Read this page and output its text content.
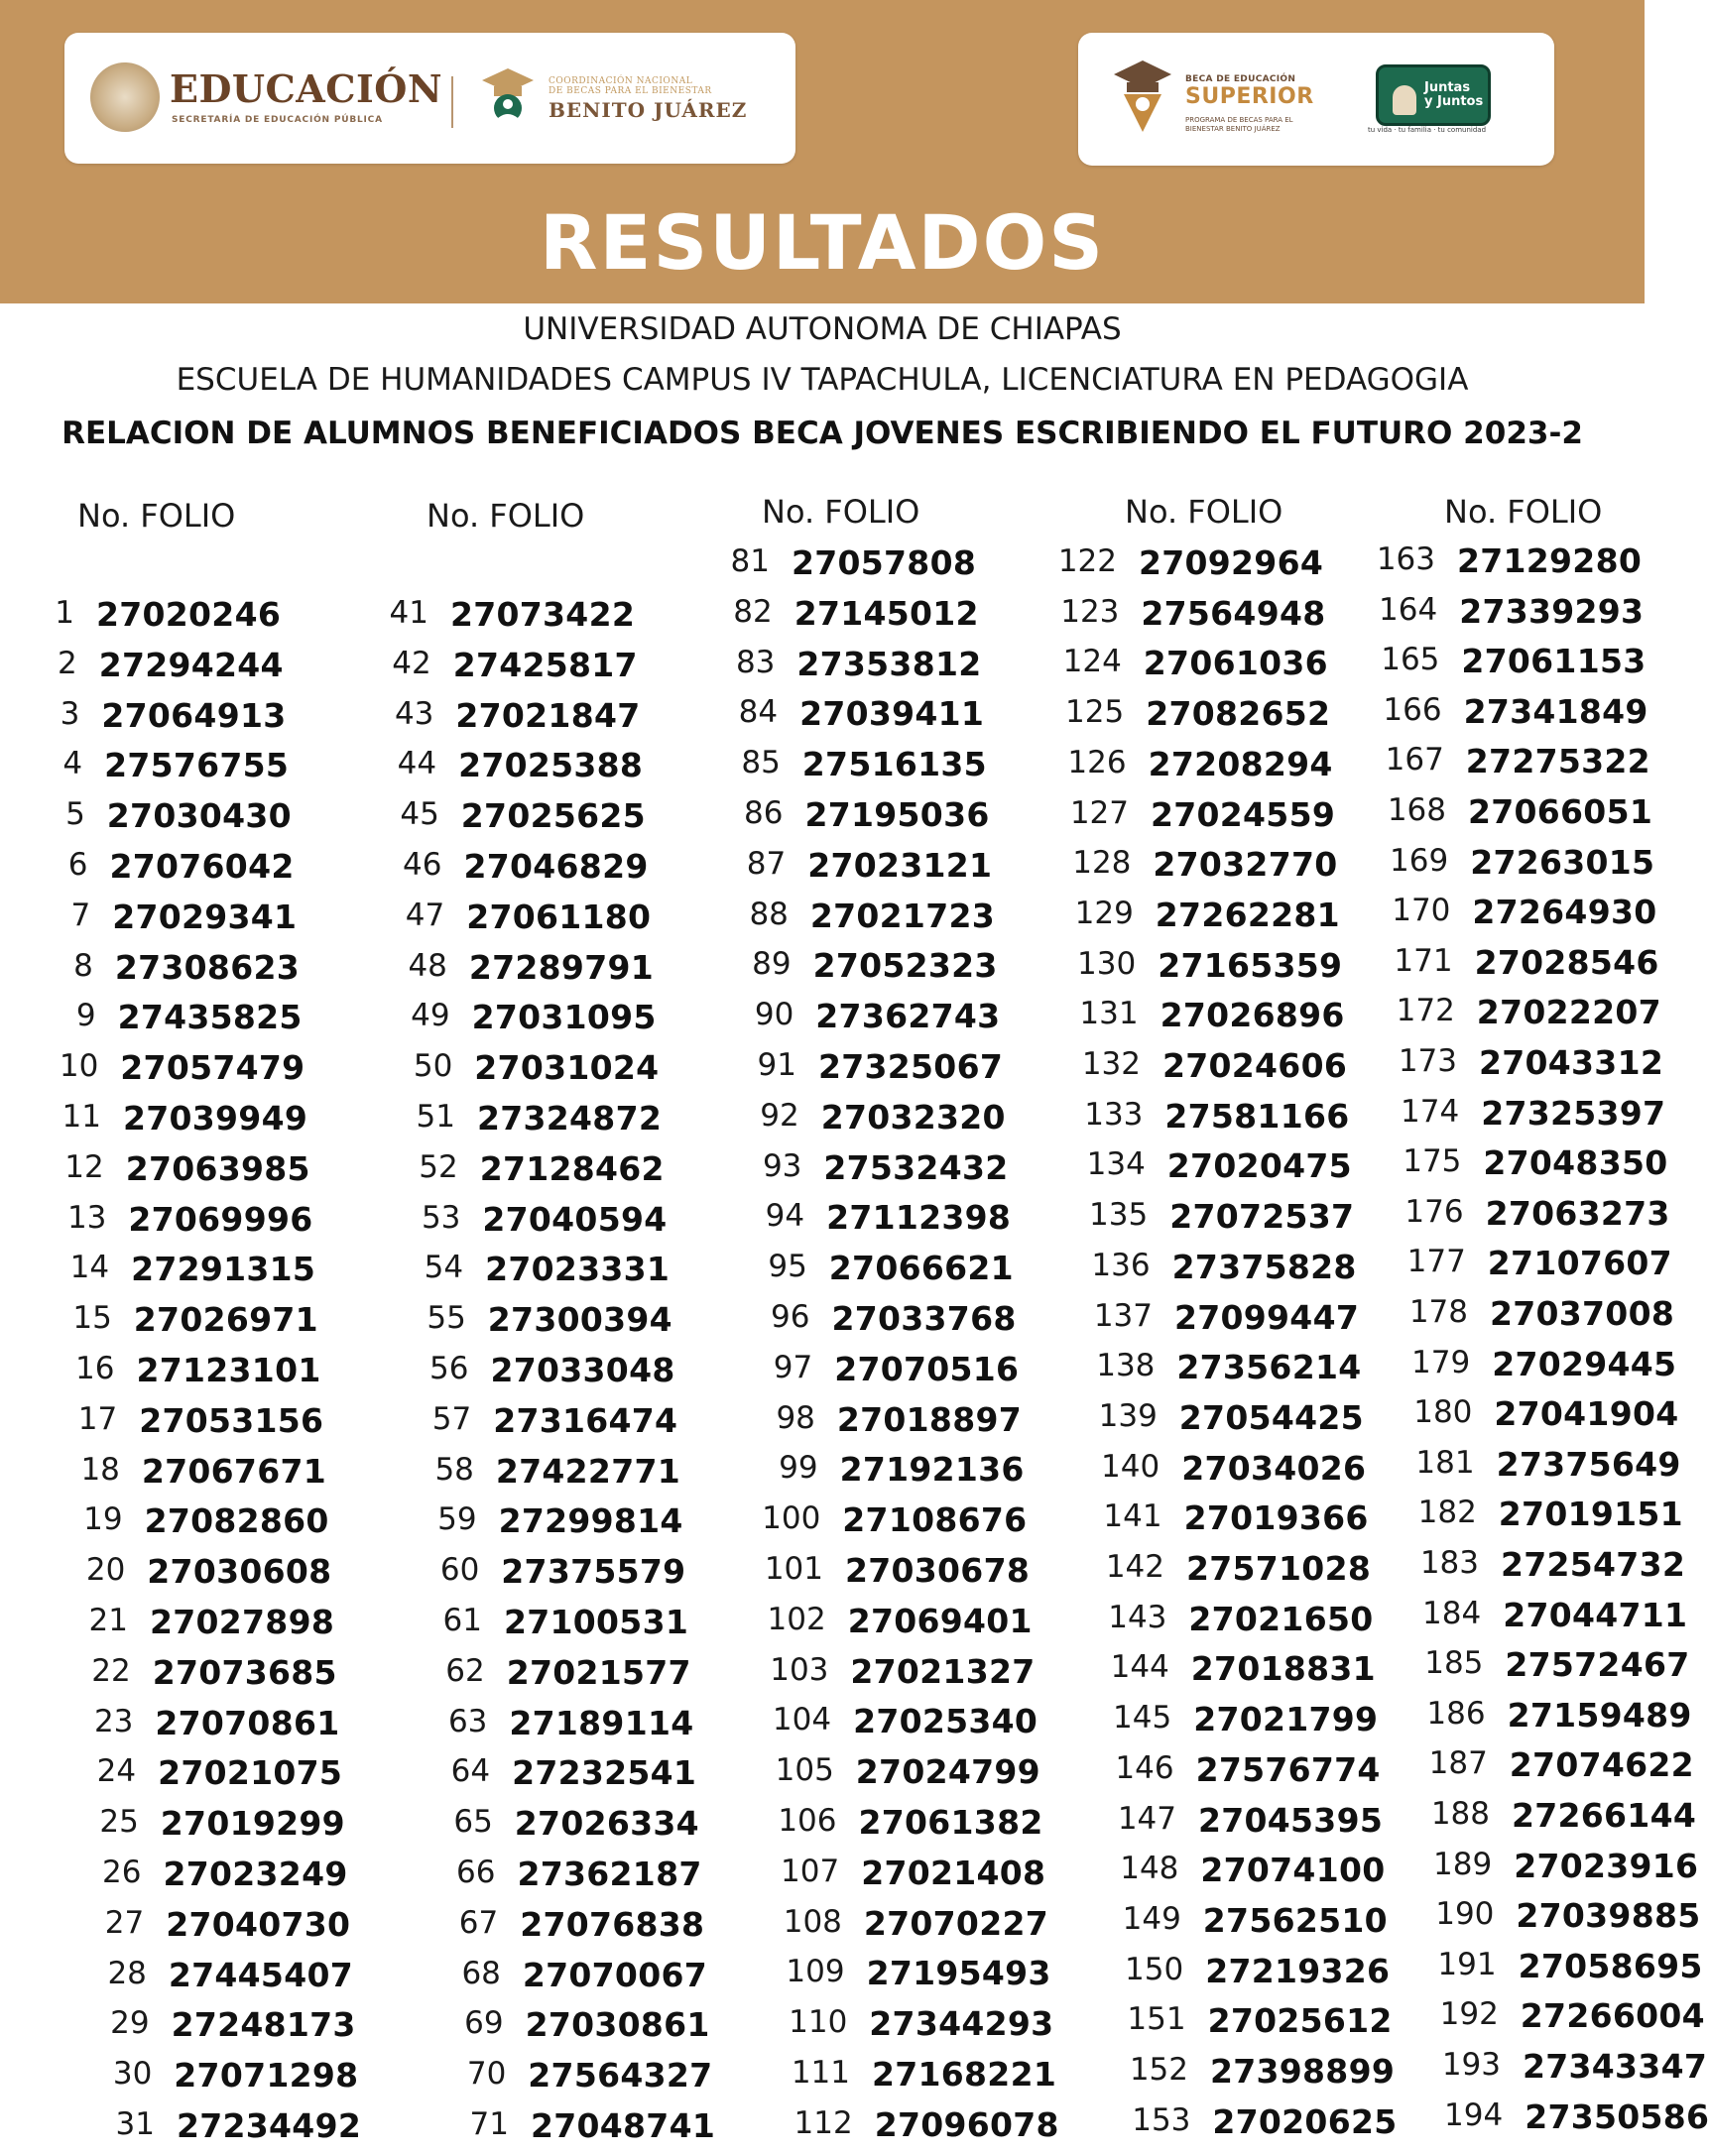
EDUCACIÓN
SECRETARÍA DE EDUCACIÓN PÚBLICA
COORDINACIÓN NACIONAL
DE BECAS PARA EL BIENESTAR
BENITO JUÁREZ
BECA DE EDUCACIÓN
SUPERIOR
PROGRAMA DE BECAS PARA EL
BIENESTAR BENITO JUÁREZ
Juntas
y Juntos
tu vida · tu familia · tu comunidad
RESULTADOS
UNIVERSIDAD AUTONOMA DE CHIAPAS
ESCUELA DE HUMANIDADES CAMPUS IV TAPACHULA, LICENCIATURA EN PEDAGOGIA
RELACION DE ALUMNOS BENEFICIADOS BECA JOVENES ESCRIBIENDO EL FUTURO 2023-2
No. FOLIO	No. FOLIO	No. FOLIO	No. FOLIO	No. FOLIO
1 27020246
2 27294244
3 27064913
4 27576755
5 27030430
6 27076042
7 27029341
8 27308623
9 27435825
10 27057479
11 27039949
12 27063985
13 27069996
14 27291315
15 27026971
16 27123101
17 27053156
18 27067671
19 27082860
20 27030608
21 27027898
22 27073685
23 27070861
24 27021075
25 27019299
26 27023249
27 27040730
28 27445407
29 27248173
30 27071298
31 27234492
41 27073422
42 27425817
43 27021847
44 27025388
45 27025625
46 27046829
47 27061180
48 27289791
49 27031095
50 27031024
51 27324872
52 27128462
53 27040594
54 27023331
55 27300394
56 27033048
57 27316474
58 27422771
59 27299814
60 27375579
61 27100531
62 27021577
63 27189114
64 27232541
65 27026334
66 27362187
67 27076838
68 27070067
69 27030861
70 27564327
71 27048741
81 27057808
82 27145012
83 27353812
84 27039411
85 27516135
86 27195036
87 27023121
88 27021723
89 27052323
90 27362743
91 27325067
92 27032320
93 27532432
94 27112398
95 27066621
96 27033768
97 27070516
98 27018897
99 27192136
100 27108676
101 27030678
102 27069401
103 27021327
104 27025340
105 27024799
106 27061382
107 27021408
108 27070227
109 27195493
110 27344293
111 27168221
112 27096078
122 27092964
123 27564948
124 27061036
125 27082652
126 27208294
127 27024559
128 27032770
129 27262281
130 27165359
131 27026896
132 27024606
133 27581166
134 27020475
135 27072537
136 27375828
137 27099447
138 27356214
139 27054425
140 27034026
141 27019366
142 27571028
143 27021650
144 27018831
145 27021799
146 27576774
147 27045395
148 27074100
149 27562510
150 27219326
151 27025612
152 27398899
153 27020625
163 27129280
164 27339293
165 27061153
166 27341849
167 27275322
168 27066051
169 27263015
170 27264930
171 27028546
172 27022207
173 27043312
174 27325397
175 27048350
176 27063273
177 27107607
178 27037008
179 27029445
180 27041904
181 27375649
182 27019151
183 27254732
184 27044711
185 27572467
186 27159489
187 27074622
188 27266144
189 27023916
190 27039885
191 27058695
192 27266004
193 27343347
194 27350586
